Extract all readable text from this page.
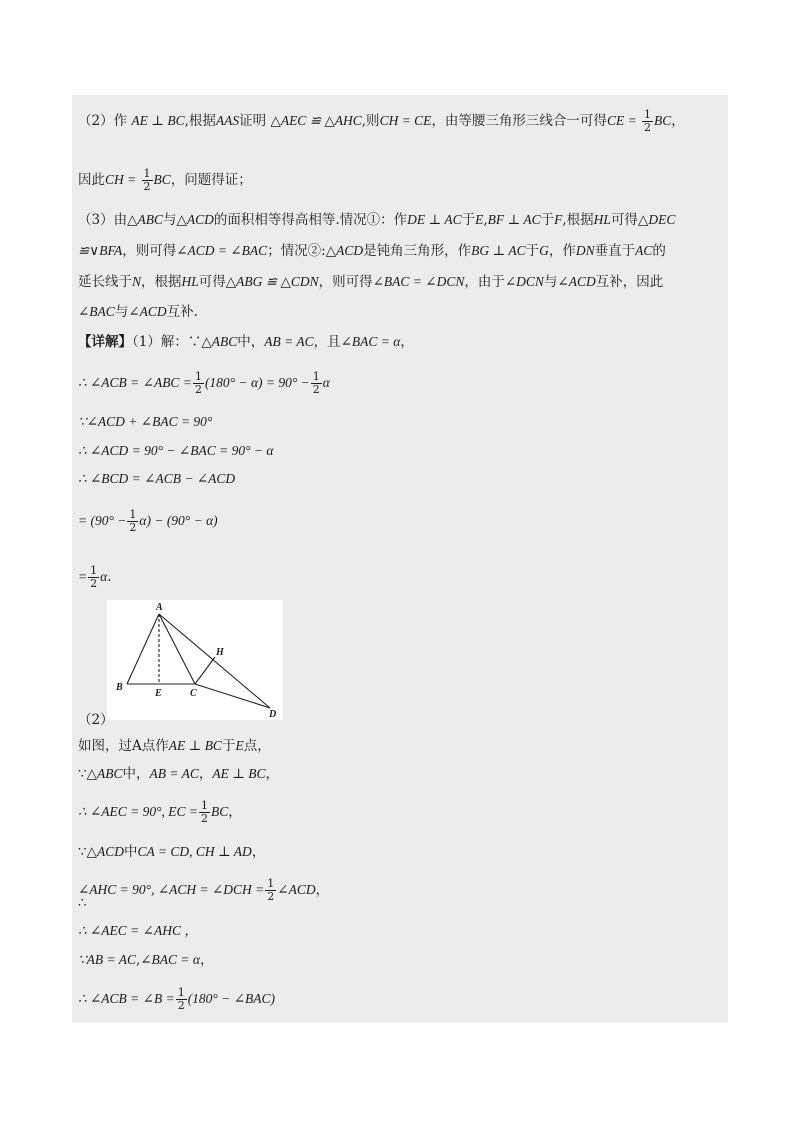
（2）作 AE ⊥ BC,根据AAS证明 △AEC ≌ △AHC,则CH = CE，由等腰三角形三线合一可得CE = $\frac{1}{2}$ BC，
因此CH = $\frac{1}{2}$ BC，问题得证；
（3）由△ABC与△ACD的面积相等得高相等.情况①：作DE ⊥ AC于E,BF ⊥ AC于F,根据HL可得△DEC
≌∨BFA，则可得∠ACD = ∠BAC；情况②:△ACD是钝角三角形，作BG ⊥ AC于G，作DN垂直于AC的
延长线于N，根据HL可得△ABG ≌ △CDN，则可得∠BAC = ∠DCN，由于∠DCN与∠ACD互补，因此
∠BAC与∠ACD互补.
【详解】（1）解：∵△ABC中，AB = AC，且∠BAC = α，
∴ ∠ACB = ∠ABC = $\frac{1}{2} (180^\circ - \alpha) = 90^\circ - \frac{1}{2}$ α
∵∠ACD + ∠BAC = 90°
∴ ∠ACD = 90° − ∠BAC = 90° − α
∴ ∠BCD = ∠ACB − ∠ACD
= $(90^\circ - \frac{1}{2} \alpha) - (90^\circ - \alpha)$
= $\frac{1}{2} \alpha$.
A
B
C
D
E
H
（2）
如图，过A点作AE ⊥ BC于E点，
∵△ABC中，AB = AC，AE ⊥ BC，
∴ ∠AEC = 90°, EC = $\frac{1}{2}$ BC，
∵△ACD中CA = CD, CH ⊥ AD，
∠AHC = 90°, ∠ACH = ∠DCH = $\frac{1}{2}$ ∠ACD，
∴
∴ ∠AEC = ∠AHC ，
∵AB = AC,∠BAC = α，
∴ ∠ACB = ∠B = $\frac{1}{2} (180^\circ$ − ∠BAC)
